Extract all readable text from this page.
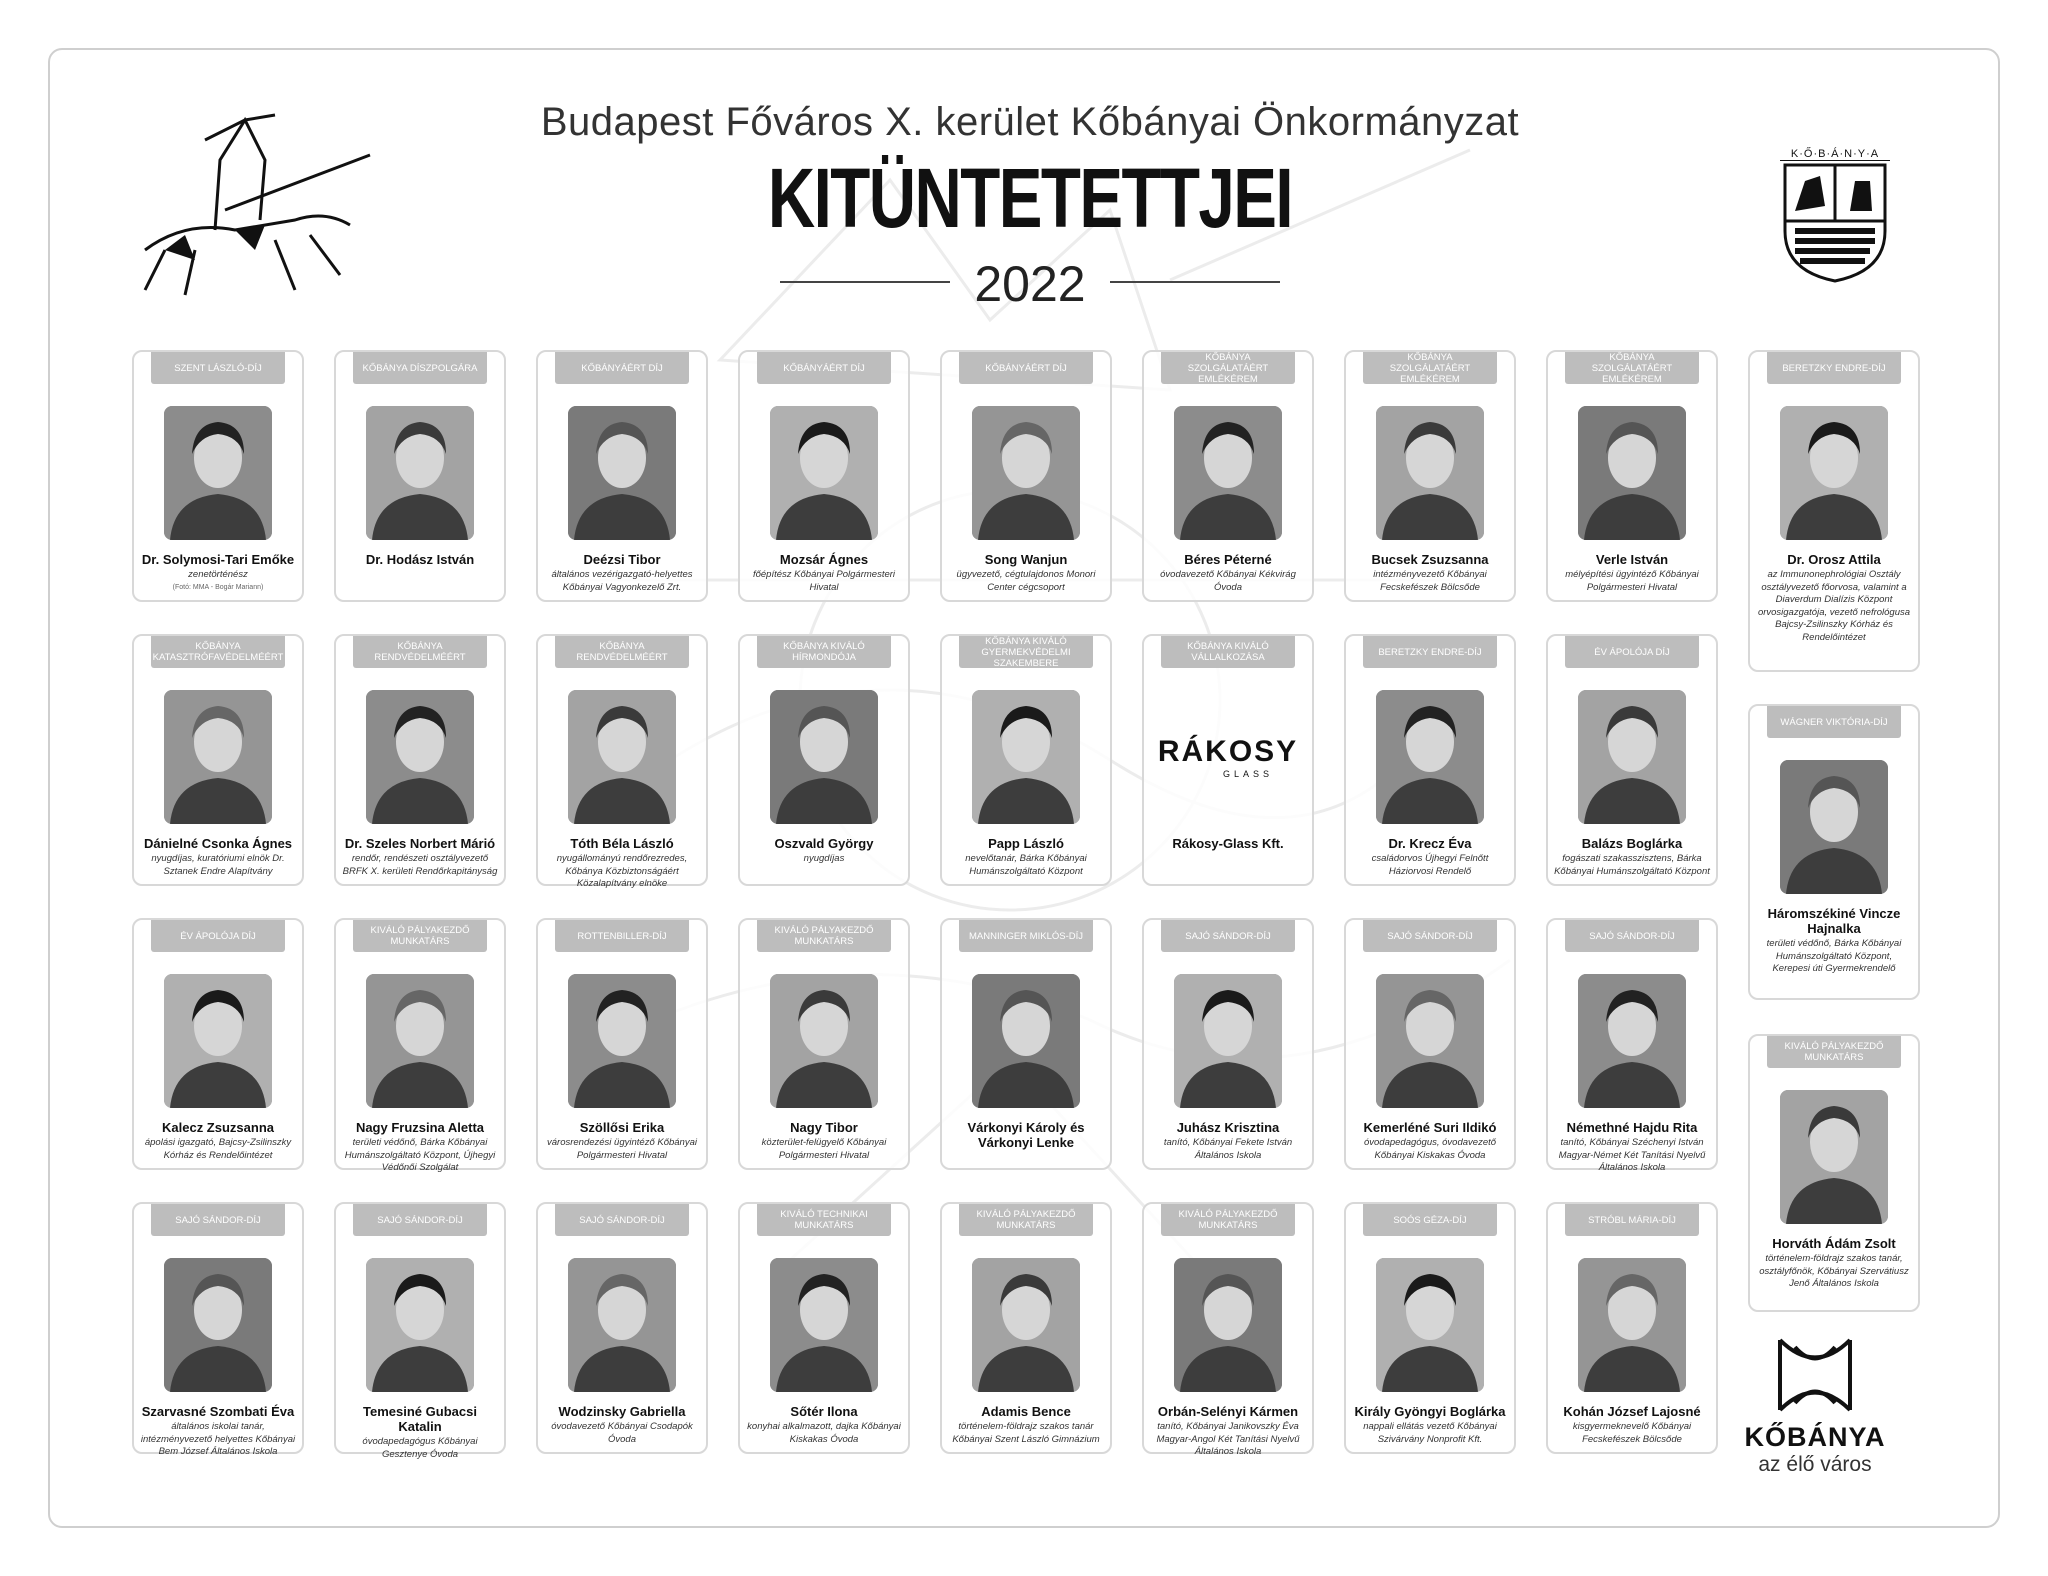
Budapest Főváros X. kerület Kőbányai Önkormányzat
KITÜNTETETTJEI
2022
K·Ő·B·Á·N·Y·A
KŐBÁNYA
az élő város
SZENT LÁSZLÓ-DÍJ
Dr. Solymosi-Tari Emőke
zenetörténész
(Fotó: MMA - Bogár Mariann)
KŐBÁNYA DÍSZPOLGÁRA
Dr. Hodász István
KŐBÁNYÁÉRT DÍJ
Deézsi Tibor
általános vezérigazgató-helyettes Kőbányai Vagyonkezelő Zrt.
KŐBÁNYÁÉRT DÍJ
Mozsár Ágnes
főépítész Kőbányai Polgármesteri Hivatal
KŐBÁNYÁÉRT DÍJ
Song Wanjun
ügyvezető, cégtulajdonos Monori Center cégcsoport
KŐBÁNYA SZOLGÁLATÁÉRT EMLÉKÉREM
Béres Péterné
óvodavezető Kőbányai Kékvirág Óvoda
KŐBÁNYA SZOLGÁLATÁÉRT EMLÉKÉREM
Bucsek Zsuzsanna
intézményvezető Kőbányai Fecskefészek Bölcsőde
KŐBÁNYA SZOLGÁLATÁÉRT EMLÉKÉREM
Verle István
mélyépítési ügyintéző Kőbányai Polgármesteri Hivatal
BERETZKY ENDRE-DÍJ
Dr. Orosz Attila
az Immunonephrológiai Osztály osztályvezető főorvosa, valamint a Diaverdum Dialízis Központ orvosigazgatója, vezető nefrológusa Bajcsy-Zsilinszky Kórház és Rendelőintézet
KŐBÁNYA KATASZTRÓFAVÉDELMÉÉRT
Dánielné Csonka Ágnes
nyugdíjas, kuratóriumi elnök Dr. Sztanek Endre Alapítvány
KŐBÁNYA RENDVÉDELMÉÉRT
Dr. Szeles Norbert Márió
rendőr, rendészeti osztályvezető BRFK X. kerületi Rendőrkapitányság
KŐBÁNYA RENDVÉDELMÉÉRT
Tóth Béla László
nyugállományú rendőrezredes, Kőbánya Közbiztonságáért Közalapítvány elnöke
KŐBÁNYA KIVÁLÓ HÍRMONDÓJA
Oszvald György
nyugdíjas
KŐBÁNYA KIVÁLÓ GYERMEKVÉDELMI SZAKEMBERE
Papp László
nevelőtanár, Bárka Kőbányai Humánszolgáltató Központ
KŐBÁNYA KIVÁLÓ VÁLLALKOZÁSA
RÁKOSY
GLASS
Rákosy-Glass Kft.
BERETZKY ENDRE-DÍJ
Dr. Krecz Éva
családorvos Újhegyi Felnőtt Háziorvosi Rendelő
ÉV ÁPOLÓJA DÍJ
Balázs Boglárka
fogászati szakasszisztens, Bárka Kőbányai Humánszolgáltató Központ
WÁGNER VIKTÓRIA-DÍJ
Háromszékiné Vincze Hajnalka
területi védőnő, Bárka Kőbányai Humánszolgáltató Központ, Kerepesi úti Gyermekrendelő
ÉV ÁPOLÓJA DÍJ
Kalecz Zsuzsanna
ápolási igazgató, Bajcsy-Zsilinszky Kórház és Rendelőintézet
KIVÁLÓ PÁLYAKEZDŐ MUNKATÁRS
Nagy Fruzsina Aletta
területi védőnő, Bárka Kőbányai Humánszolgáltató Központ, Újhegyi Védőnői Szolgálat
ROTTENBILLER-DÍJ
Szöllősi Erika
városrendezési ügyintéző Kőbányai Polgármesteri Hivatal
KIVÁLÓ PÁLYAKEZDŐ MUNKATÁRS
Nagy Tibor
közterület-felügyelő Kőbányai Polgármesteri Hivatal
MANNINGER MIKLÓS-DÍJ
Várkonyi Károly és Várkonyi Lenke
SAJÓ SÁNDOR-DÍJ
Juhász Krisztina
tanító, Kőbányai Fekete István Általános Iskola
SAJÓ SÁNDOR-DÍJ
Kemerléné Suri Ildikó
óvodapedagógus, óvodavezető Kőbányai Kiskakas Óvoda
SAJÓ SÁNDOR-DÍJ
Némethné Hajdu Rita
tanító, Kőbányai Széchenyi István Magyar-Német Két Tanítási Nyelvű Általános Iskola
KIVÁLÓ PÁLYAKEZDŐ MUNKATÁRS
Horváth Ádám Zsolt
történelem-földrajz szakos tanár, osztályfőnök, Kőbányai Szervátiusz Jenő Általános Iskola
SAJÓ SÁNDOR-DÍJ
Szarvasné Szombati Éva
általános iskolai tanár, intézményvezető helyettes Kőbányai Bem József Általános Iskola
SAJÓ SÁNDOR-DÍJ
Temesiné Gubacsi Katalin
óvodapedagógus Kőbányai Gesztenye Óvoda
SAJÓ SÁNDOR-DÍJ
Wodzinsky Gabriella
óvodavezető Kőbányai Csodapók Óvoda
KIVÁLÓ TECHNIKAI MUNKATÁRS
Sőtér Ilona
konyhai alkalmazott, dajka Kőbányai Kiskakas Óvoda
KIVÁLÓ PÁLYAKEZDŐ MUNKATÁRS
Adamis Bence
történelem-földrajz szakos tanár Kőbányai Szent László Gimnázium
KIVÁLÓ PÁLYAKEZDŐ MUNKATÁRS
Orbán-Selényi Kármen
tanító, Kőbányai Janikovszky Éva Magyar-Angol Két Tanítási Nyelvű Általános Iskola
SOÓS GÉZA-DÍJ
Király Gyöngyi Boglárka
nappali ellátás vezető Kőbányai Szivárvány Nonprofit Kft.
STRÓBL MÁRIA-DÍJ
Kohán József Lajosné
kisgyermeknevelő Kőbányai Fecskefészek Bölcsőde
